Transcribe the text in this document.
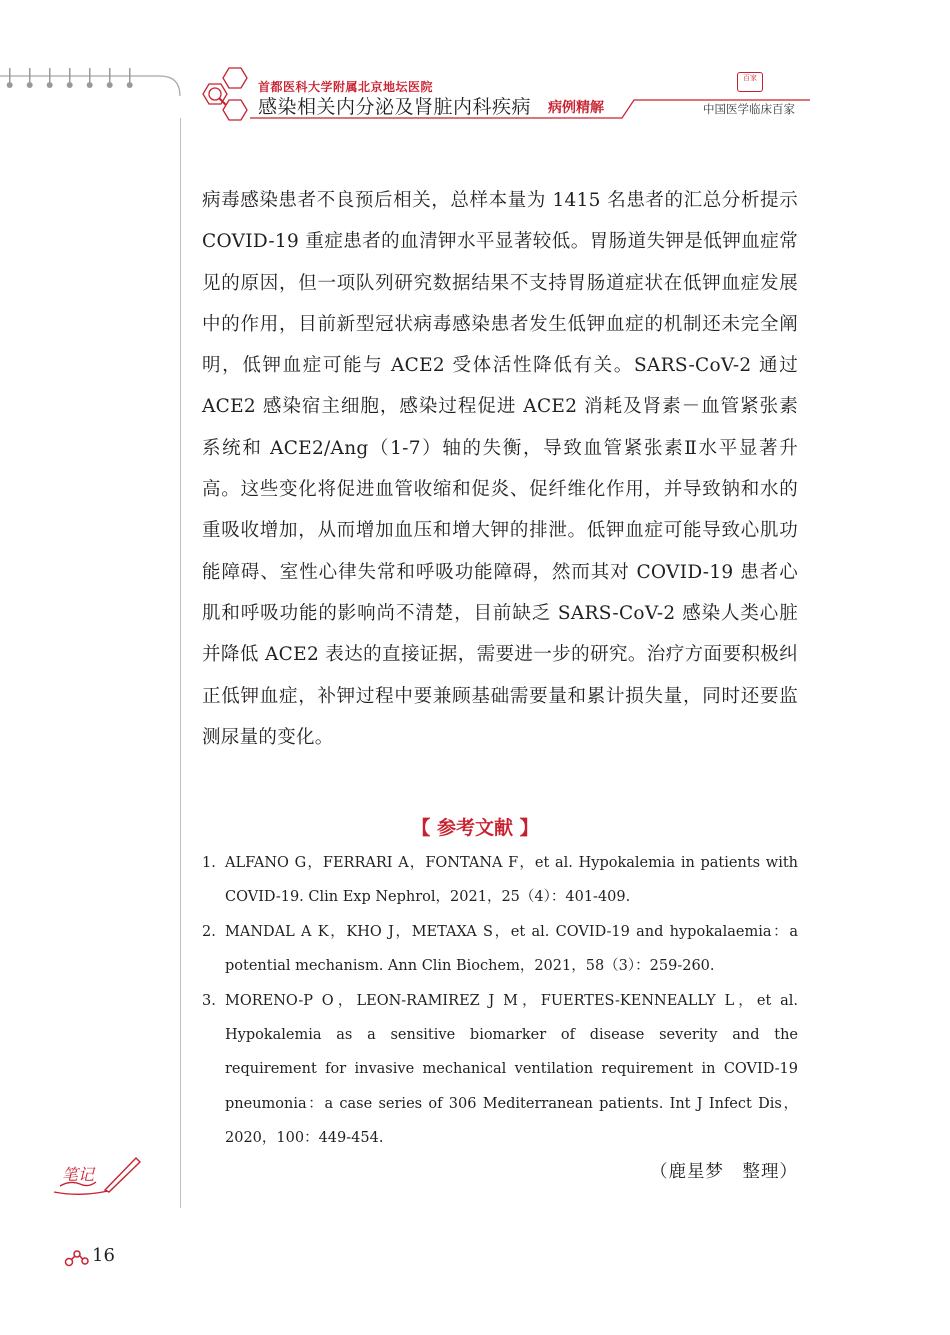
首都医科大学附属北京地坛医院
感染相关内分泌及肾脏内科疾病 病例精解
百家
中国医学临床百家

病毒感染患者不良预后相关，总样本量为 1415 名患者的汇总分析提示 COVID-19 重症患者的血清钾水平显著较低。胃肠道失钾是低钾血症常见的原因，但一项队列研究数据结果不支持胃肠道症状在低钾血症发展中的作用，目前新型冠状病毒感染患者发生低钾血症的机制还未完全阐明，低钾血症可能与 ACE2 受体活性降低有关。SARS-CoV-2 通过 ACE2 感染宿主细胞，感染过程促进 ACE2 消耗及肾素－血管紧张素系统和 ACE2/Ang（1-7）轴的失衡，导致血管紧张素Ⅱ水平显著升高。这些变化将促进血管收缩和促炎、促纤维化作用，并导致钠和水的重吸收增加，从而增加血压和增大钾的排泄。低钾血症可能导致心肌功能障碍、室性心律失常和呼吸功能障碍，然而其对 COVID-19 患者心肌和呼吸功能的影响尚不清楚，目前缺乏 SARS-CoV-2 感染人类心脏并降低 ACE2 表达的直接证据，需要进一步的研究。治疗方面要积极纠正低钾血症，补钾过程中要兼顾基础需要量和累计损失量，同时还要监测尿量的变化。

【 参考文献 】
1. ALFANO G，FERRARI A，FONTANA F，et al. Hypokalemia in patients with COVID-19. Clin Exp Nephrol，2021，25（4）：401-409.
2. MANDAL A K，KHO J，METAXA S，et al. COVID-19 and hypokalaemia：a potential mechanism. Ann Clin Biochem，2021，58（3）：259-260.
3. MORENO-P O，LEON-RAMIREZ J M，FUERTES-KENNEALLY L，et al. Hypokalemia as a sensitive biomarker of disease severity and the requirement for invasive mechanical ventilation requirement in COVID-19 pneumonia：a case series of 306 Mediterranean patients. Int J Infect Dis，2020，100：449-454.
（鹿星梦　整理）
笔记
16
